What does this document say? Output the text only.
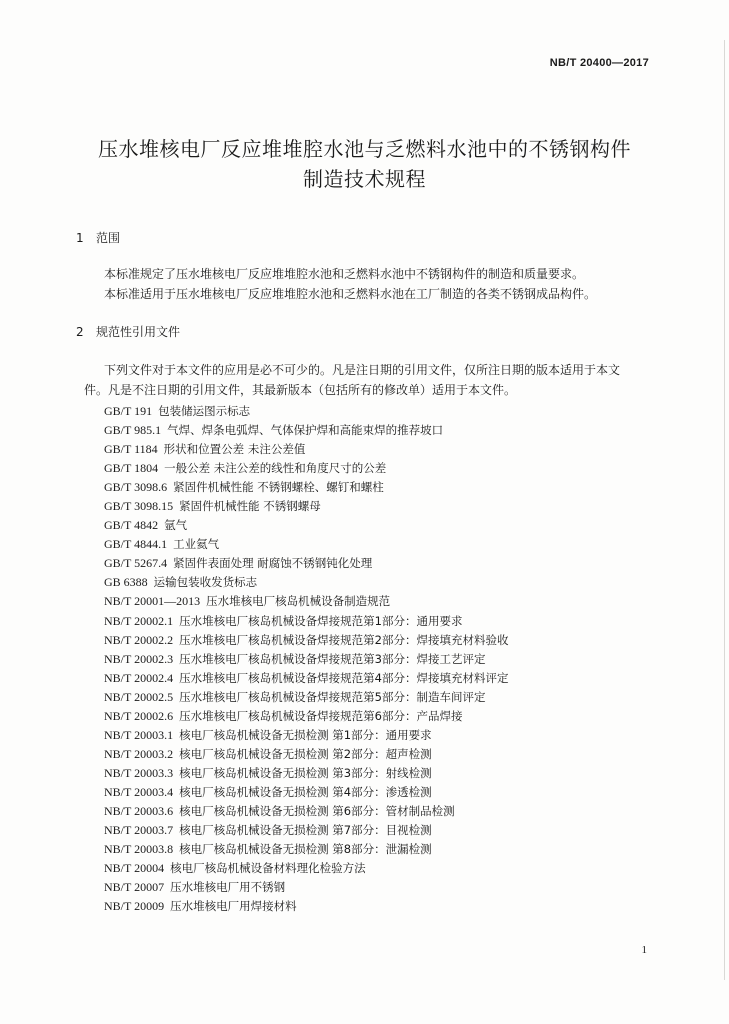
NB/T 20400—2017
压水堆核电厂反应堆堆腔水池与乏燃料水池中的不锈钢构件
制造技术规程
1 范围
本标准规定了压水堆核电厂反应堆堆腔水池和乏燃料水池中不锈钢构件的制造和质量要求。
本标准适用于压水堆核电厂反应堆堆腔水池和乏燃料水池在工厂制造的各类不锈钢成品构件。
2 规范性引用文件
下列文件对于本文件的应用是必不可少的。凡是注日期的引用文件，仅所注日期的版本适用于本文
件。凡是不注日期的引用文件，其最新版本（包括所有的修改单）适用于本文件。
GB/T 191 包装储运图示标志
GB/T 985.1 气焊、焊条电弧焊、气体保护焊和高能束焊的推荐坡口
GB/T 1184 形状和位置公差 未注公差值
GB/T 1804 一般公差 未注公差的线性和角度尺寸的公差
GB/T 3098.6 紧固件机械性能 不锈钢螺栓、螺钉和螺柱
GB/T 3098.15 紧固件机械性能 不锈钢螺母
GB/T 4842 氩气
GB/T 4844.1 工业氦气
GB/T 5267.4 紧固件表面处理 耐腐蚀不锈钢钝化处理
GB 6388 运输包装收发货标志
NB/T 20001—2013 压水堆核电厂核岛机械设备制造规范
NB/T 20002.1 压水堆核电厂核岛机械设备焊接规范第1部分：通用要求
NB/T 20002.2 压水堆核电厂核岛机械设备焊接规范第2部分：焊接填充材料验收
NB/T 20002.3 压水堆核电厂核岛机械设备焊接规范第3部分：焊接工艺评定
NB/T 20002.4 压水堆核电厂核岛机械设备焊接规范第4部分：焊接填充材料评定
NB/T 20002.5 压水堆核电厂核岛机械设备焊接规范第5部分：制造车间评定
NB/T 20002.6 压水堆核电厂核岛机械设备焊接规范第6部分：产品焊接
NB/T 20003.1 核电厂核岛机械设备无损检测 第1部分：通用要求
NB/T 20003.2 核电厂核岛机械设备无损检测 第2部分：超声检测
NB/T 20003.3 核电厂核岛机械设备无损检测 第3部分：射线检测
NB/T 20003.4 核电厂核岛机械设备无损检测 第4部分：渗透检测
NB/T 20003.6 核电厂核岛机械设备无损检测 第6部分：管材制品检测
NB/T 20003.7 核电厂核岛机械设备无损检测 第7部分：目视检测
NB/T 20003.8 核电厂核岛机械设备无损检测 第8部分：泄漏检测
NB/T 20004 核电厂核岛机械设备材料理化检验方法
NB/T 20007 压水堆核电厂用不锈钢
NB/T 20009 压水堆核电厂用焊接材料
1
